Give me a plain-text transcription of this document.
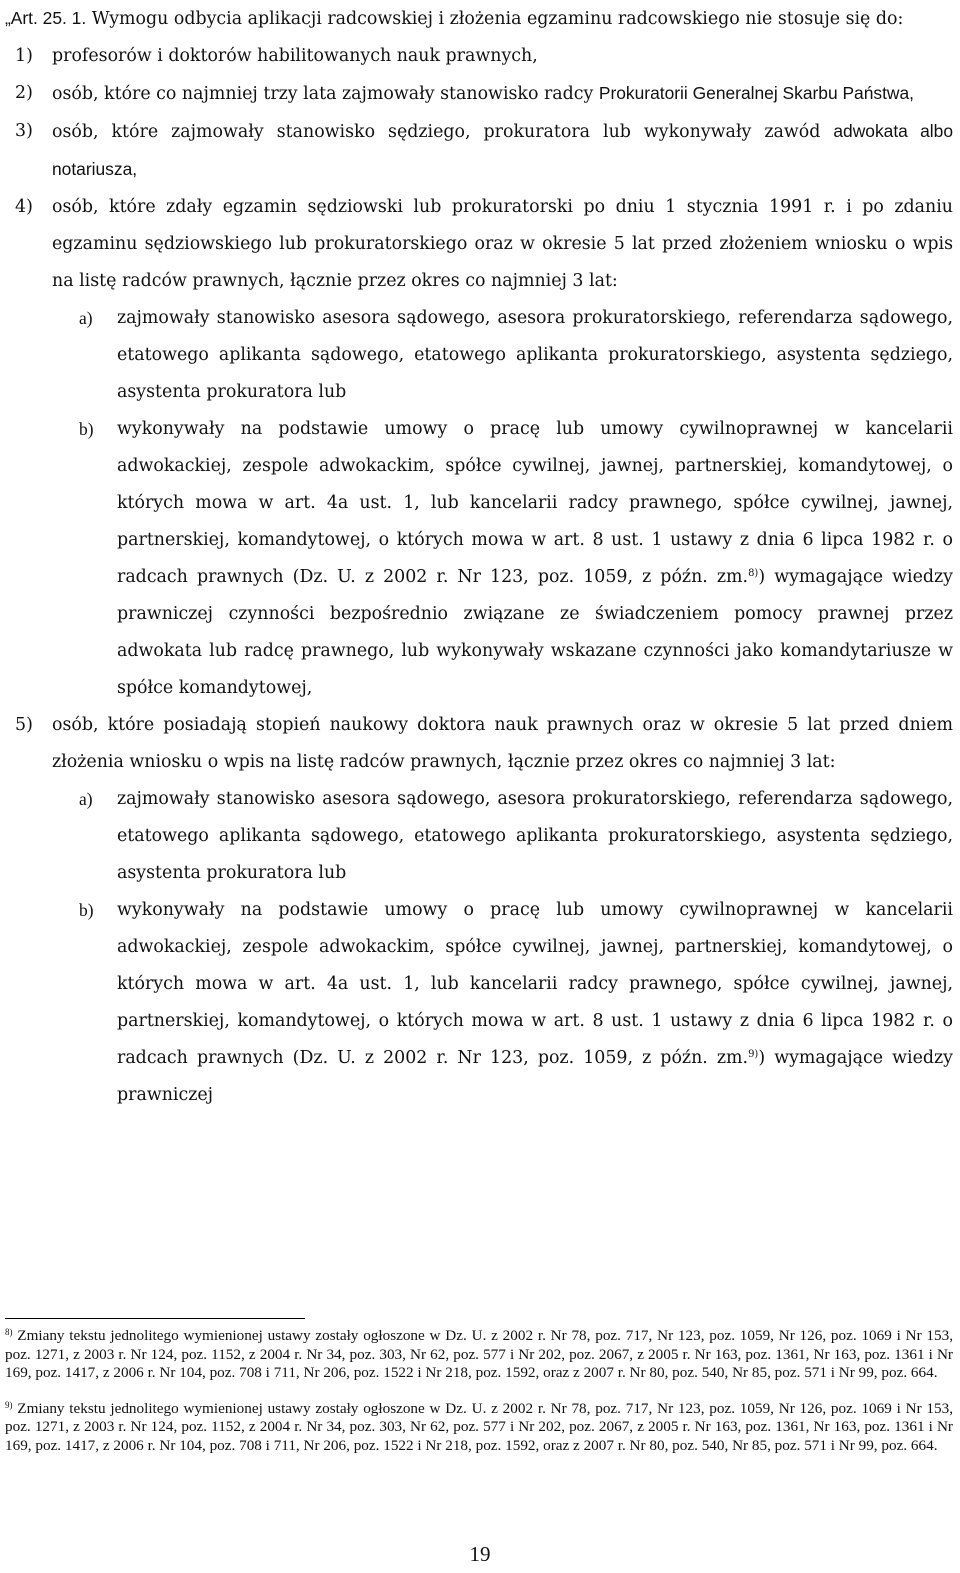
„Art. 25. 1. Wymogu odbycia aplikacji radcowskiej i złożenia egzaminu radcowskiego nie stosuje się do:

1) profesorów i doktorów habilitowanych nauk prawnych,
2) osób, które co najmniej trzy lata zajmowały stanowisko radcy Prokuratorii Generalnej Skarbu Państwa,
3) osób, które zajmowały stanowisko sędziego, prokuratora lub wykonywały zawód adwokata albo notariusza,
4) osób, które zdały egzamin sędziowski lub prokuratorski po dniu 1 stycznia 1991 r. i po zdaniu egzaminu sędziowskiego lub prokuratorskiego oraz w okresie 5 lat przed złożeniem wniosku o wpis na listę radców prawnych, łącznie przez okres co najmniej 3 lat:
a) zajmowały stanowisko asesora sądowego, asesora prokuratorskiego, referendarza sądowego, etatowego aplikanta sądowego, etatowego aplikanta prokuratorskiego, asystenta sędziego, asystenta prokuratora lub
b) wykonywały na podstawie umowy o pracę lub umowy cywilnoprawnej w kancelarii adwokackiej, zespole adwokackim, spółce cywilnej, jawnej, partnerskiej, komandytowej, o których mowa w art. 4a ust. 1, lub kancelarii radcy prawnego, spółce cywilnej, jawnej, partnerskiej, komandytowej, o których mowa w art. 8 ust. 1 ustawy z dnia 6 lipca 1982 r. o radcach prawnych (Dz. U. z 2002 r. Nr 123, poz. 1059, z późn. zm.$^{8)}$) wymagające wiedzy prawniczej czynności bezpośrednio związane ze świadczeniem pomocy prawnej przez adwokata lub radcę prawnego, lub wykonywały wskazane czynności jako komandytariusze w spółce komandytowej,
5) osób, które posiadają stopień naukowy doktora nauk prawnych oraz w okresie 5 lat przed dniem złożenia wniosku o wpis na listę radców prawnych, łącznie przez okres co najmniej 3 lat:
a) zajmowały stanowisko asesora sądowego, asesora prokuratorskiego, referendarza sądowego, etatowego aplikanta sądowego, etatowego aplikanta prokuratorskiego, asystenta sędziego, asystenta prokuratora lub
b) wykonywały na podstawie umowy o pracę lub umowy cywilnoprawnej w kancelarii adwokackiej, zespole adwokackim, spółce cywilnej, jawnej, partnerskiej, komandytowej, o których mowa w art. 4a ust. 1, lub kancelarii radcy prawnego, spółce cywilnej, jawnej, partnerskiej, komandytowej, o których mowa w art. 8 ust. 1 ustawy z dnia 6 lipca 1982 r. o radcach prawnych (Dz. U. z 2002 r. Nr 123, poz. 1059, z późn. zm.$^{9)}$) wymagające wiedzy prawniczej

$^{8)}$ Zmiany tekstu jednolitego wymienionej ustawy zostały ogłoszone w Dz. U. z 2002 r. Nr 78, poz. 717, Nr 123, poz. 1059, Nr 126, poz. 1069 i Nr 153, poz. 1271, z 2003 r. Nr 124, poz. 1152, z 2004 r. Nr 34, poz. 303, Nr 62, poz. 577 i Nr 202, poz. 2067, z 2005 r. Nr 163, poz. 1361, Nr 163, poz. 1361 i Nr 169, poz. 1417, z 2006 r. Nr 104, poz. 708 i 711, Nr 206, poz. 1522 i Nr 218, poz. 1592, oraz z 2007 r. Nr 80, poz. 540, Nr 85, poz. 571 i Nr 99, poz. 664.

$^{9)}$ Zmiany tekstu jednolitego wymienionej ustawy zostały ogłoszone w Dz. U. z 2002 r. Nr 78, poz. 717, Nr 123, poz. 1059, Nr 126, poz. 1069 i Nr 153, poz. 1271, z 2003 r. Nr 124, poz. 1152, z 2004 r. Nr 34, poz. 303, Nr 62, poz. 577 i Nr 202, poz. 2067, z 2005 r. Nr 163, poz. 1361, Nr 163, poz. 1361 i Nr 169, poz. 1417, z 2006 r. Nr 104, poz. 708 i 711, Nr 206, poz. 1522 i Nr 218, poz. 1592, oraz z 2007 r. Nr 80, poz. 540, Nr 85, poz. 571 i Nr 99, poz. 664.

19
